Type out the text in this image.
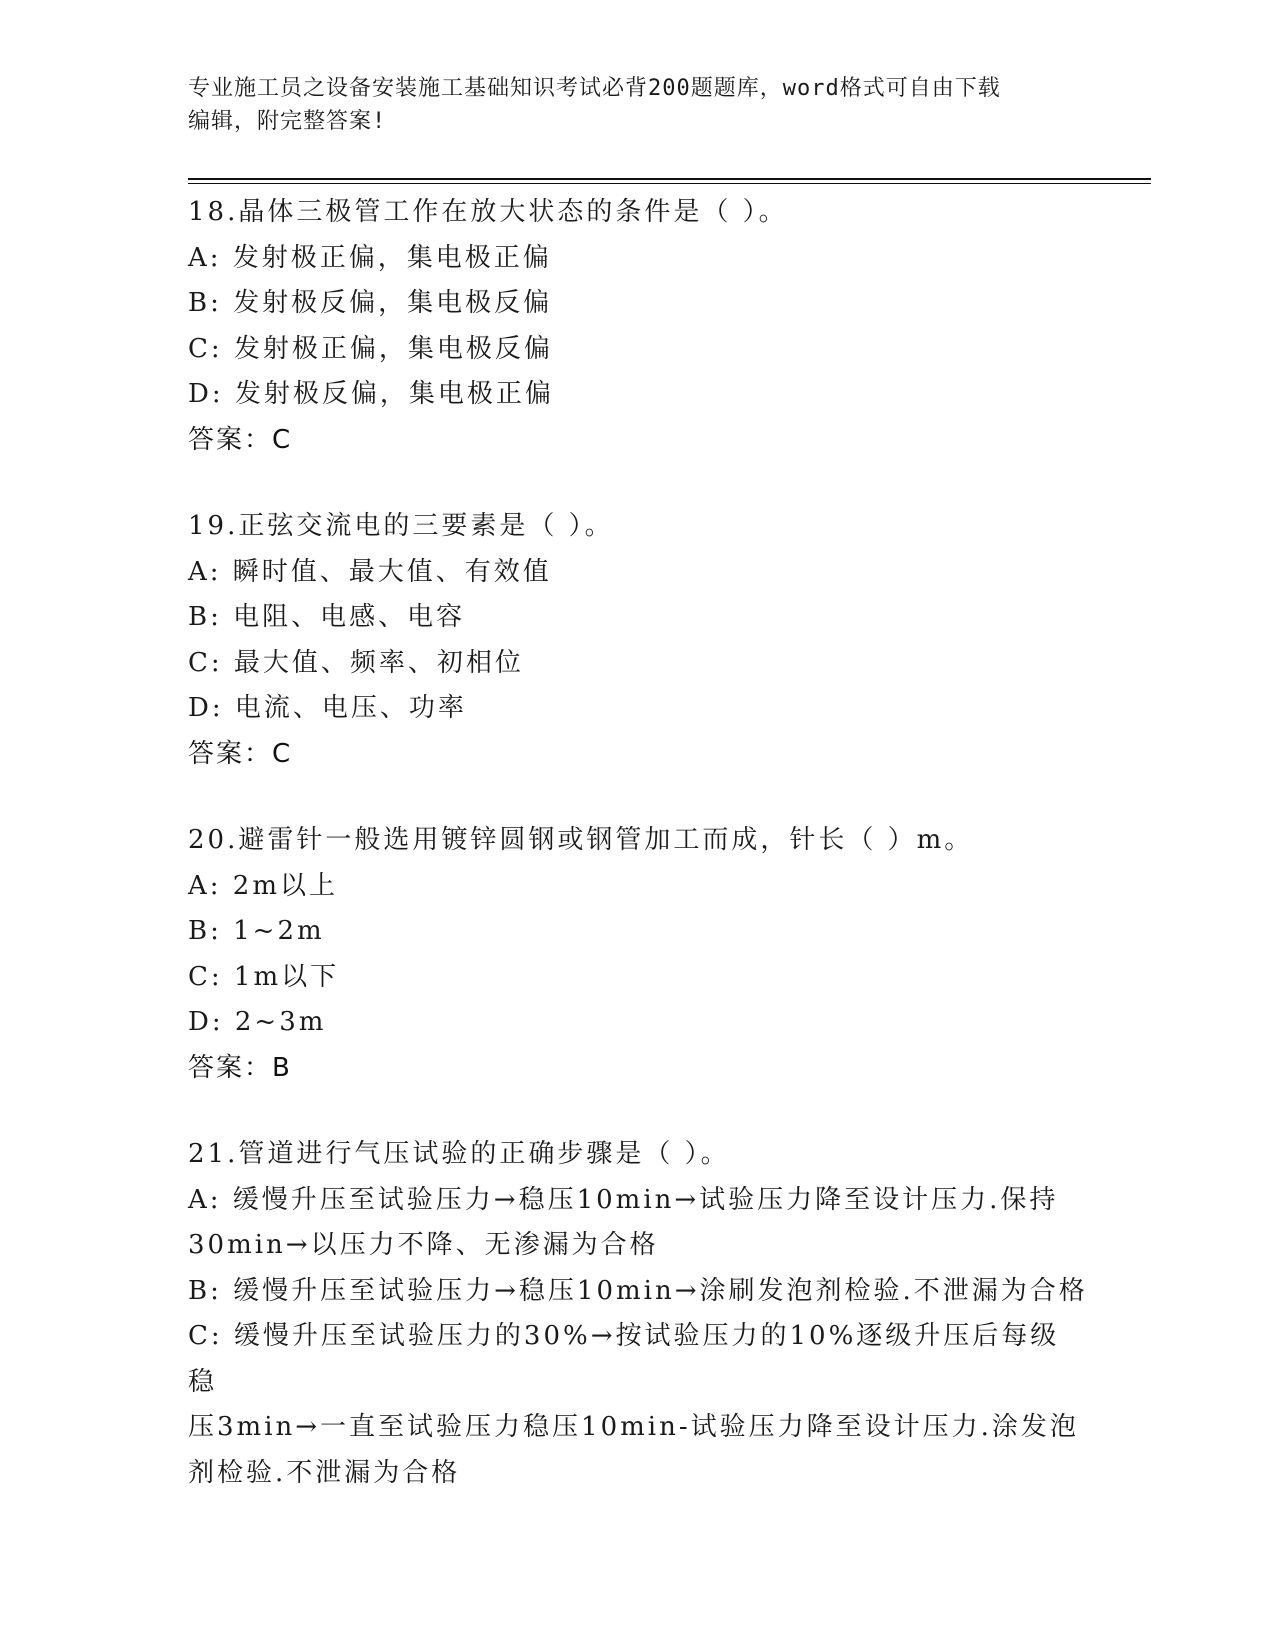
专业施工员之设备安装施工基础知识考试必背200题题库，word格式可自由下载
编辑，附完整答案!
18.晶体三极管工作在放大状态的条件是（ ）。
A: 发射极正偏，集电极正偏
B: 发射极反偏，集电极反偏
C: 发射极正偏，集电极反偏
D: 发射极反偏，集电极正偏
答案：C
19.正弦交流电的三要素是（ ）。
A: 瞬时值、最大值、有效值
B: 电阻、电感、电容
C: 最大值、频率、初相位
D: 电流、电压、功率
答案：C
20.避雷针一般选用镀锌圆钢或钢管加工而成，针长（ ）m。
A: 2m以上
B: 1~2m
C: 1m以下
D: 2~3m
答案：B
21.管道进行气压试验的正确步骤是（ ）。
A: 缓慢升压至试验压力→稳压10min→试验压力降至设计压力.保持
30min→以压力不降、无渗漏为合格
B: 缓慢升压至试验压力→稳压10min→涂刷发泡剂检验.不泄漏为合格
C: 缓慢升压至试验压力的30%→按试验压力的10%逐级升压后每级稳
压3min→一直至试验压力稳压10min-试验压力降至设计压力.涂发泡
剂检验.不泄漏为合格
